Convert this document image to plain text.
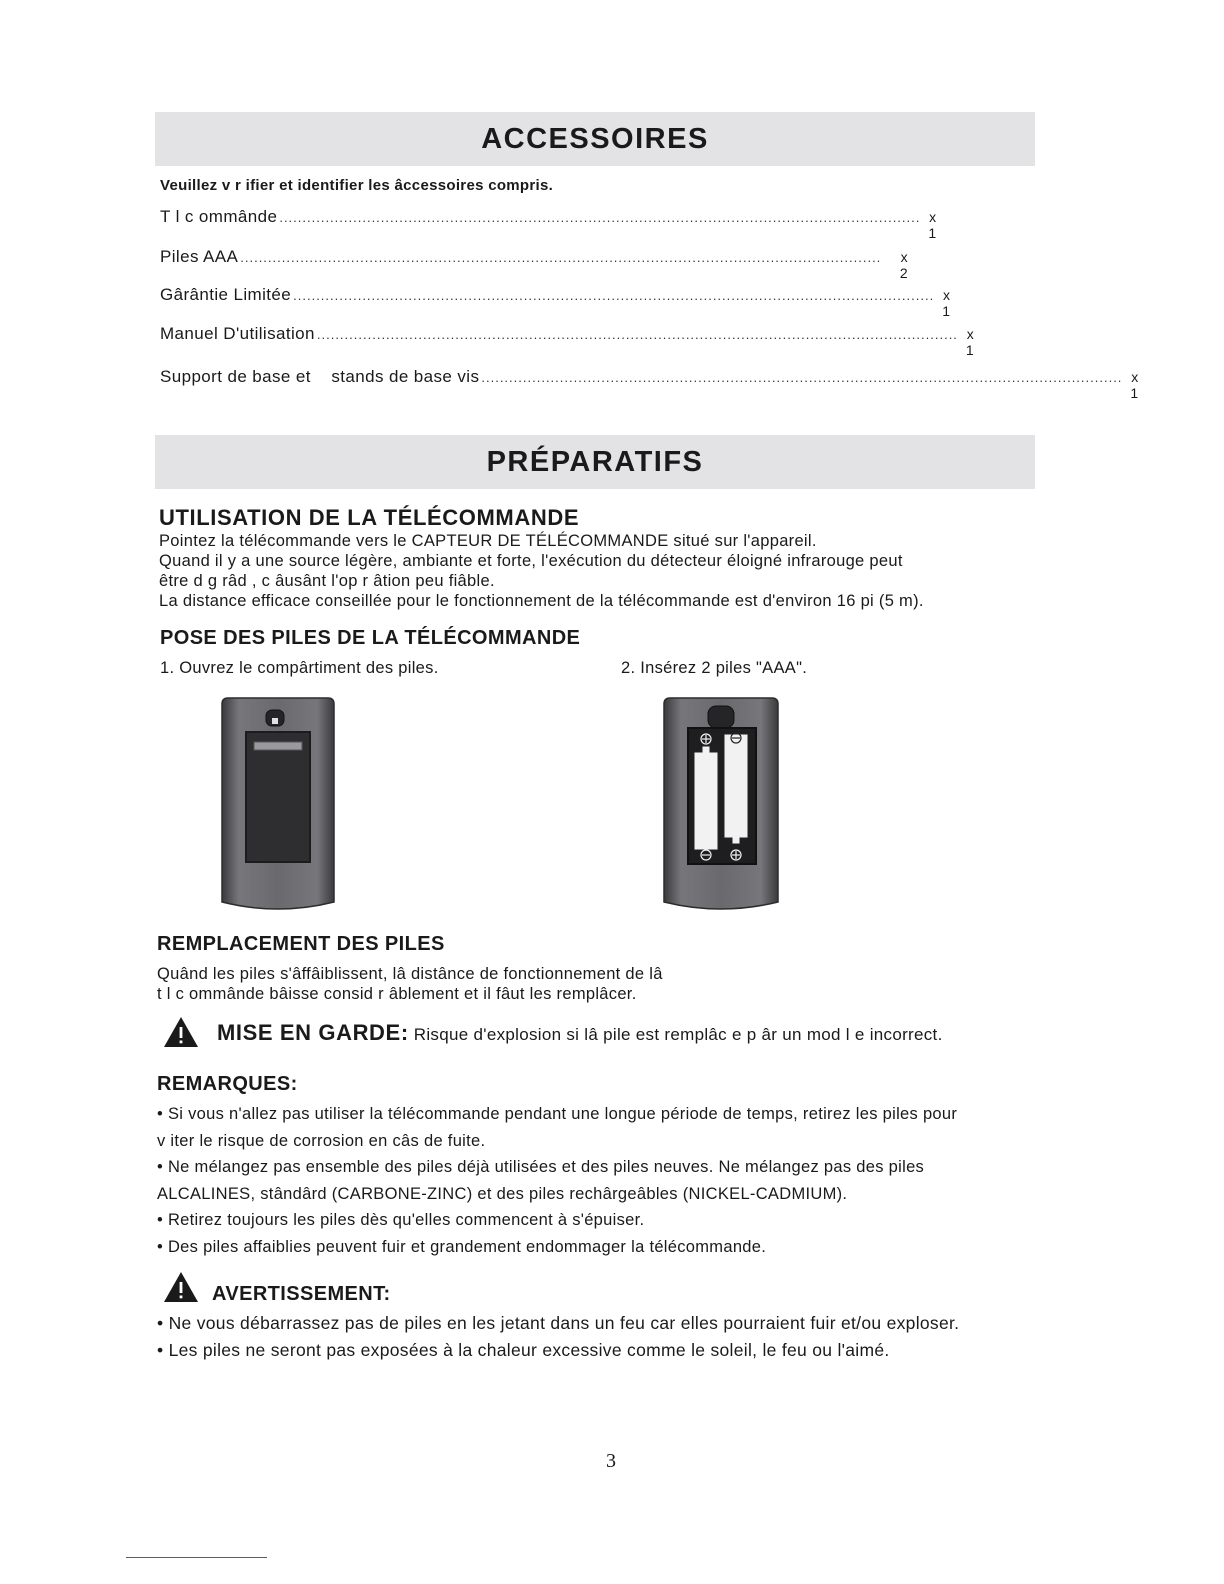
ACCESSOIRES
Veuillez v r ifier et identifier les âccessoires compris.
T l c ommânde ........................................................................................................................................... x 1
Piles AAA ...........................................................................................................................................	x 2
Gârântie Limitée ........................................................................................................................................... x 1
Manuel D'utilisation ........................................................................................................................................... x 1
Support de base et    stands de base vis ........................................................................................................................................... x 1
PRÉPARATIFS
UTILISATION DE LA TÉLÉCOMMANDE

Pointez la télécommande vers le CAPTEUR DE TÉLÉCOMMANDE situé sur l'appareil.

Quand il y a une source légère, ambiante et forte, l'exécution du détecteur éloigné infrarouge peut

être d g râd , c âusânt l'op r âtion peu fiâble.

La distance efficace conseillée pour le fonctionnement de la télécommande est d'environ 16 pi (5 m).

POSE DES PILES DE LA TÉLÉCOMMANDE
1. Ouvrez le compârtiment des piles.	2. Insérez 2 piles "AAA".
REMPLACEMENT DES PILES

Quând les piles s'âffâiblissent, lâ distânce de fonctionnement de lâ

t l c ommânde bâisse consid r âblement et il fâut les remplâcer.

MISE EN GARDE: Risque d'explosion si lâ pile est remplâc e p âr un mod l e incorrect.
REMARQUES:

• Si vous n'allez pas utiliser la télécommande pendant une longue période de temps, retirez les piles pour

v iter le risque de corrosion en câs de fuite.

• Ne mélangez pas ensemble des piles déjà utilisées et des piles neuves. Ne mélangez pas des piles

ALCALINES, stândârd (CARBONE-ZINC) et des piles rechârgeâbles (NICKEL-CADMIUM).

• Retirez toujours les piles dès qu'elles commencent à s'épuiser.

• Des piles affaiblies peuvent fuir et grandement endommager la télécommande.

AVERTISSEMENT:

• Ne vous débarrassez pas de piles en les jetant dans un feu car elles pourraient fuir et/ou exploser.

• Les piles ne seront pas exposées à la chaleur excessive comme le soleil, le feu ou l'aimé.

3
